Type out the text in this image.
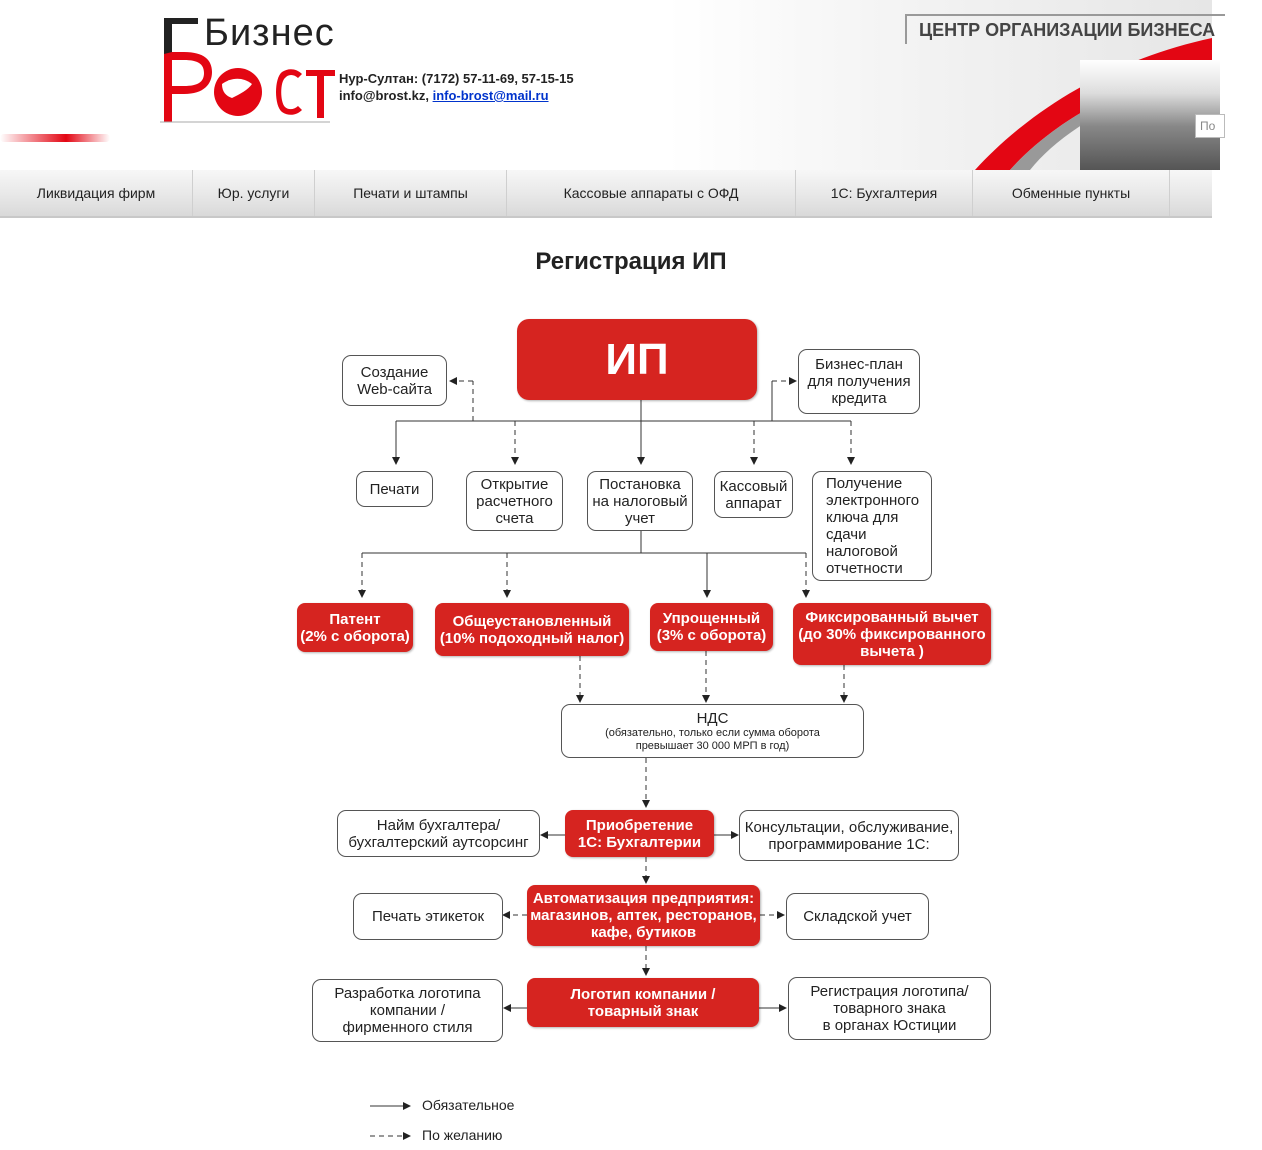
По
Бизнес
Нур-Султан: (7172) 57-11-69, 57-15-15
info@brost.kz, info-brost@mail.ru
ЦЕНТР ОРГАНИЗАЦИИ БИЗНЕСА
Ликвидация фирм	Юр. услуги	Печати и штампы	Кассовые аппараты с ОФД	1С: Бухгалтерия	Обменные пункты
Регистрация ИП
ИП
Создание
Web-сайта
Бизнес-план
для получения
кредита
Печати	Открытие
расчетного
счета
Постановка
на налоговый
учет
Кассовый
аппарат
Получение
электронного
ключа для
сдачи
налоговой
отчетности
Патент
(2% с оборота)
Общеустановленный
(10% подоходный налог)
Упрощенный
(3% с оборота)
Фиксированный вычет
(до 30% фиксированного
вычета )
НДС
(обязательно, только если сумма оборота
превышает 30 000 МРП в год)
Найм бухгалтера/
бухгалтерский аутсорсинг
Приобретение
1С: Бухгалтерии
Консультации, обслуживание,
программирование 1С:
Печать этикеток
Автоматизация предприятия:
магазинов, аптек, ресторанов,
кафе, бутиков
Складской учет
Разработка логотипа
компании /
фирменного стиля
Логотип компании /
товарный знак
Регистрация логотипа/
товарного знака
в органах Юстиции
Обязательное
По желанию
